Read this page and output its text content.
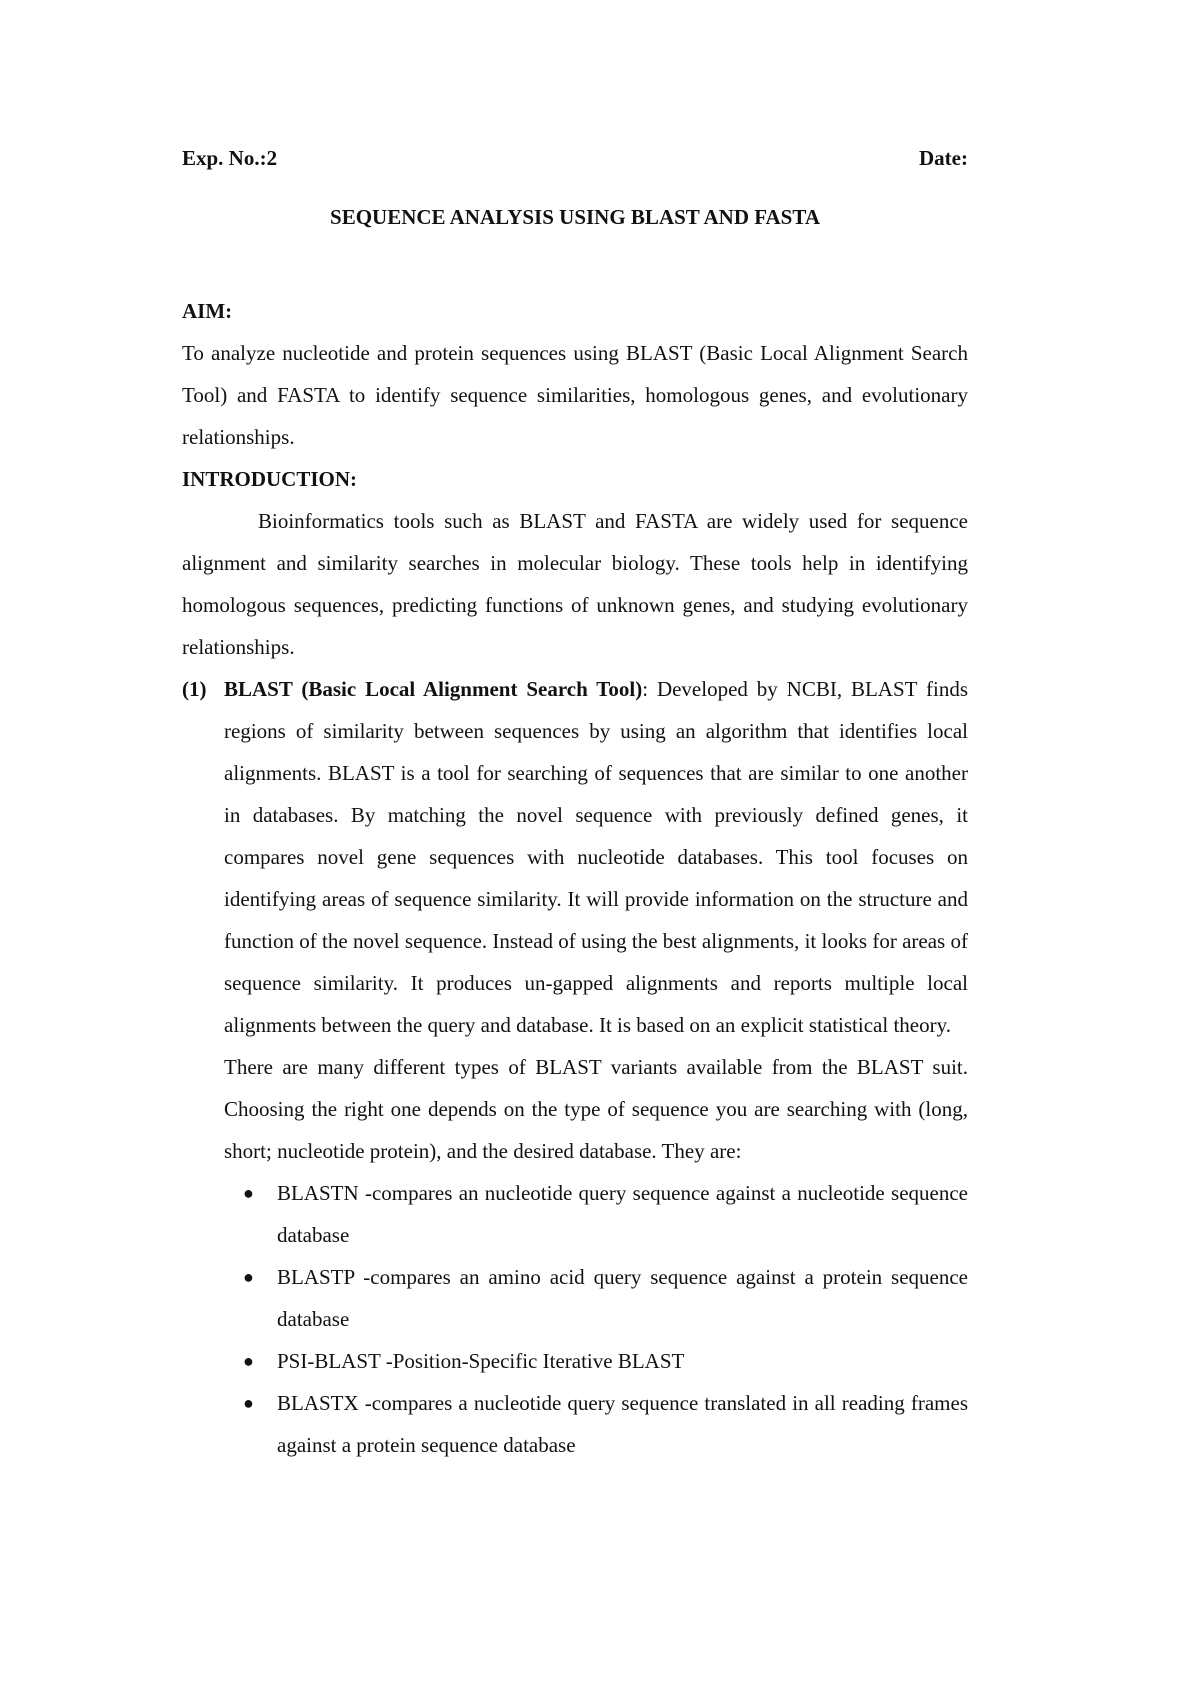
Exp. No.:2	Date:
SEQUENCE ANALYSIS USING BLAST AND FASTA

AIM:

To analyze nucleotide and protein sequences using BLAST (Basic Local Alignment Search Tool) and FASTA to identify sequence similarities, homologous genes, and evolutionary relationships.

INTRODUCTION:

Bioinformatics tools such as BLAST and FASTA are widely used for sequence alignment and similarity searches in molecular biology. These tools help in identifying homologous sequences, predicting functions of unknown genes, and studying evolutionary relationships.

(1) BLAST (Basic Local Alignment Search Tool): Developed by NCBI, BLAST finds regions of similarity between sequences by using an algorithm that identifies local alignments. BLAST is a tool for searching of sequences that are similar to one another in databases. By matching the novel sequence with previously defined genes, it compares novel gene sequences with nucleotide databases. This tool focuses on identifying areas of sequence similarity. It will provide information on the structure and function of the novel sequence. Instead of using the best alignments, it looks for areas of sequence similarity. It produces un-gapped alignments and reports multiple local alignments between the query and database. It is based on an explicit statistical theory.

There are many different types of BLAST variants available from the BLAST suit. Choosing the right one depends on the type of sequence you are searching with (long, short; nucleotide protein), and the desired database. They are:

● BLASTN -compares an nucleotide query sequence against a nucleotide sequence database
● BLASTP -compares an amino acid query sequence against a protein sequence database
● PSI-BLAST -Position-Specific Iterative BLAST
● BLASTX -compares a nucleotide query sequence translated in all reading frames against a protein sequence database
